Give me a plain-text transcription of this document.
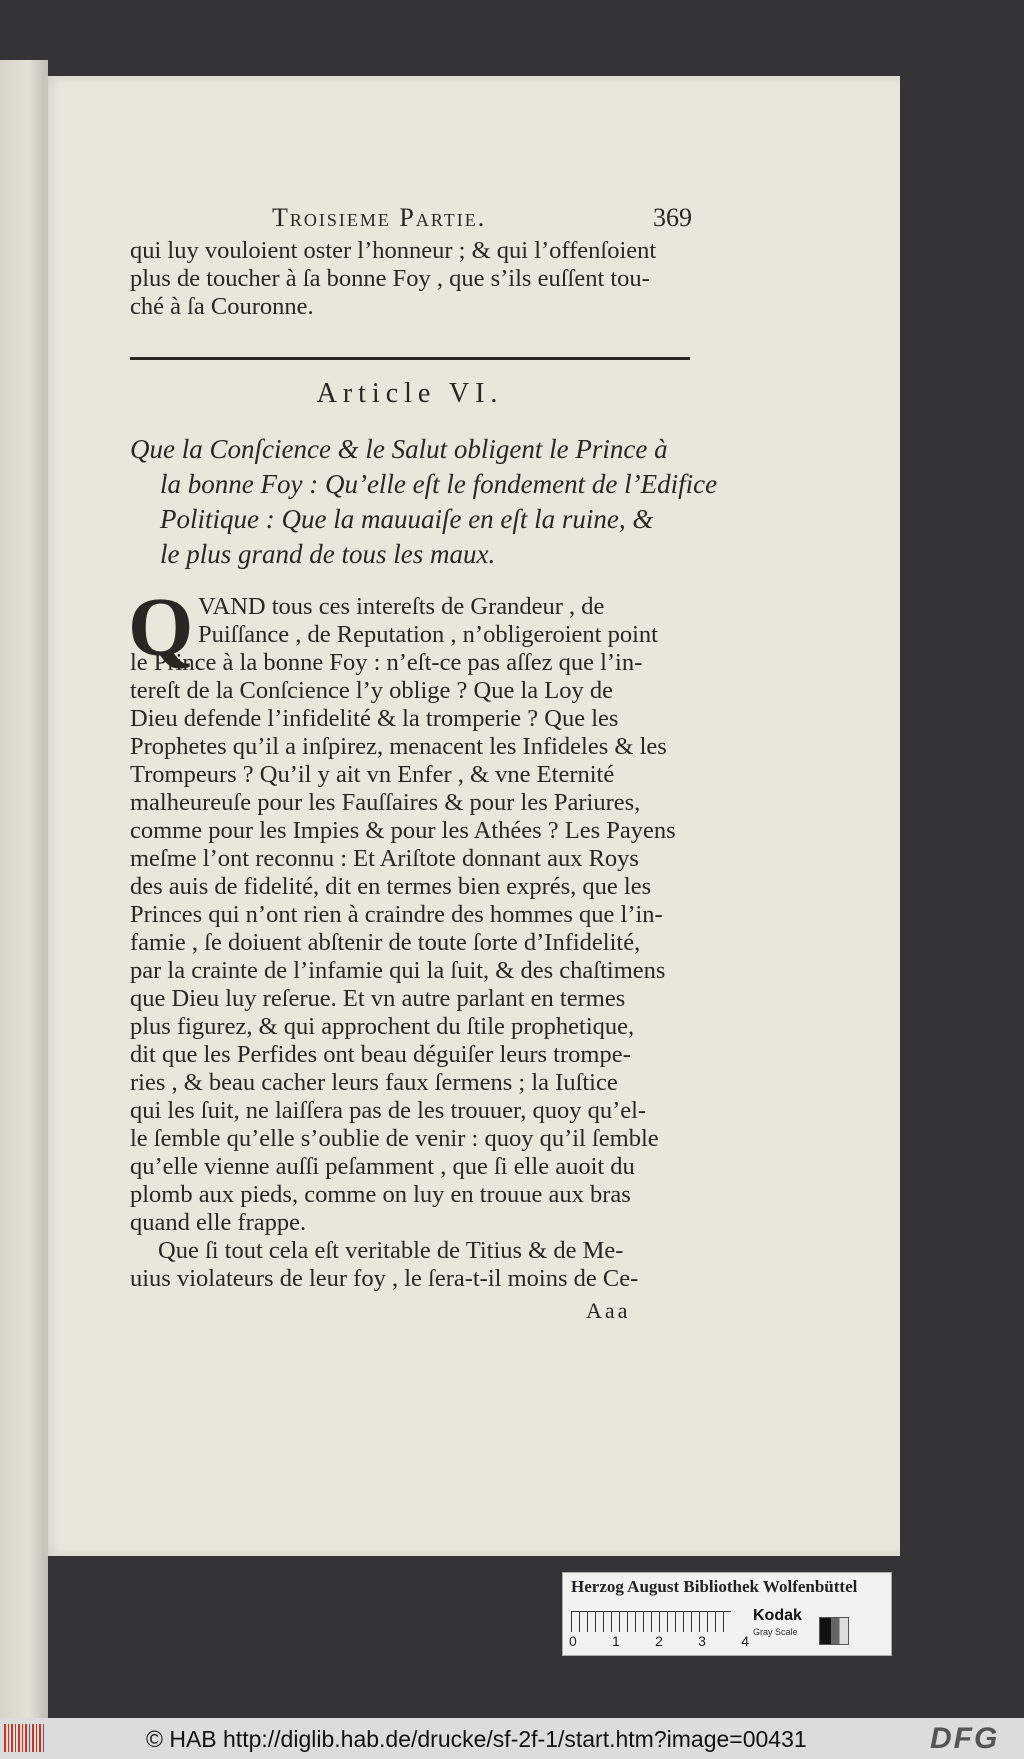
Troisieme Partie.	369
qui luy vouloient oster l’honneur ; & qui l’offenſoient
plus de toucher à ſa bonne Foy , que s’ils euſſent tou-
ché à ſa Couronne.
Article VI.
Que la Conſcience & le Salut obligent le Prince à
la bonne Foy : Qu’elle eſt le fondement de l’Edifice
Politique : Que la mauuaiſe en eſt la ruine, &
le plus grand de tous les maux.
Q VAND tous ces intereſts de Grandeur , de
Puiſſance , de Reputation , n’obligeroient point
le Prince à la bonne Foy : n’eſt-ce pas aſſez que l’in-
tereſt de la Conſcience l’y oblige ? Que la Loy de
Dieu defende l’infidelité & la tromperie ? Que les
Prophetes qu’il a inſpirez, menacent les Infideles & les
Trompeurs ? Qu’il y ait vn Enfer , & vne Eternité
malheureuſe pour les Fauſſaires & pour les Pariures,
comme pour les Impies & pour les Athées ? Les Payens
meſme l’ont reconnu : Et Ariſtote donnant aux Roys
des auis de fidelité, dit en termes bien exprés, que les
Princes qui n’ont rien à craindre des hommes que l’in-
famie , ſe doiuent abſtenir de toute ſorte d’Infidelité,
par la crainte de l’infamie qui la ſuit, & des chaſtimens
que Dieu luy reſerue. Et vn autre parlant en termes
plus figurez, & qui approchent du ſtile prophetique,
dit que les Perfides ont beau déguiſer leurs trompe-
ries , & beau cacher leurs faux ſermens ; la Iuſtice
qui les ſuit, ne laiſſera pas de les trouuer, quoy qu’el-
le ſemble qu’elle s’oublie de venir : quoy qu’il ſemble
qu’elle vienne auſſi peſamment , que ſi elle auoit du
plomb aux pieds, comme on luy en trouue aux bras
quand elle frappe.
Que ſi tout cela eſt veritable de Titius & de Me-
uius violateurs de leur foy , le ſera-t-il moins de Ce-
Aaa
Herzog August Bibliothek Wolfenbüttel
0	1	2	3	4
Kodak
Gray Scale
© HAB http://diglib.hab.de/drucke/sf-2f-1/start.htm?image=00431	DFG
